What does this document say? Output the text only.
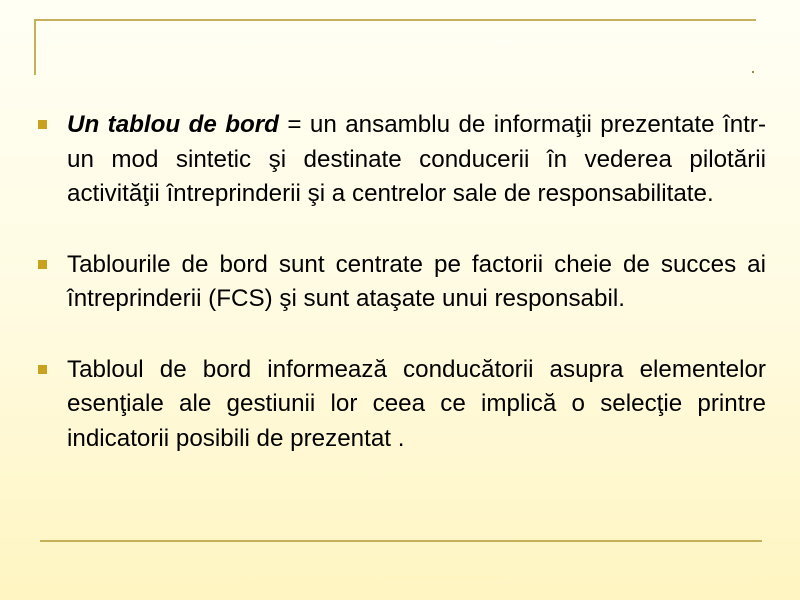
Un tablou de bord = un ansamblu de informaţii prezentate într-un mod sintetic şi destinate conducerii în vederea pilotării activităţii întreprinderii şi a centrelor sale de responsabilitate.
Tablourile de bord sunt centrate pe factorii cheie de succes ai întreprinderii (FCS) şi sunt ataşate unui responsabil.
Tabloul de bord informează conducătorii asupra elementelor esenţiale ale gestiunii lor ceea ce implică o selecţie printre indicatorii posibili de prezentat .
